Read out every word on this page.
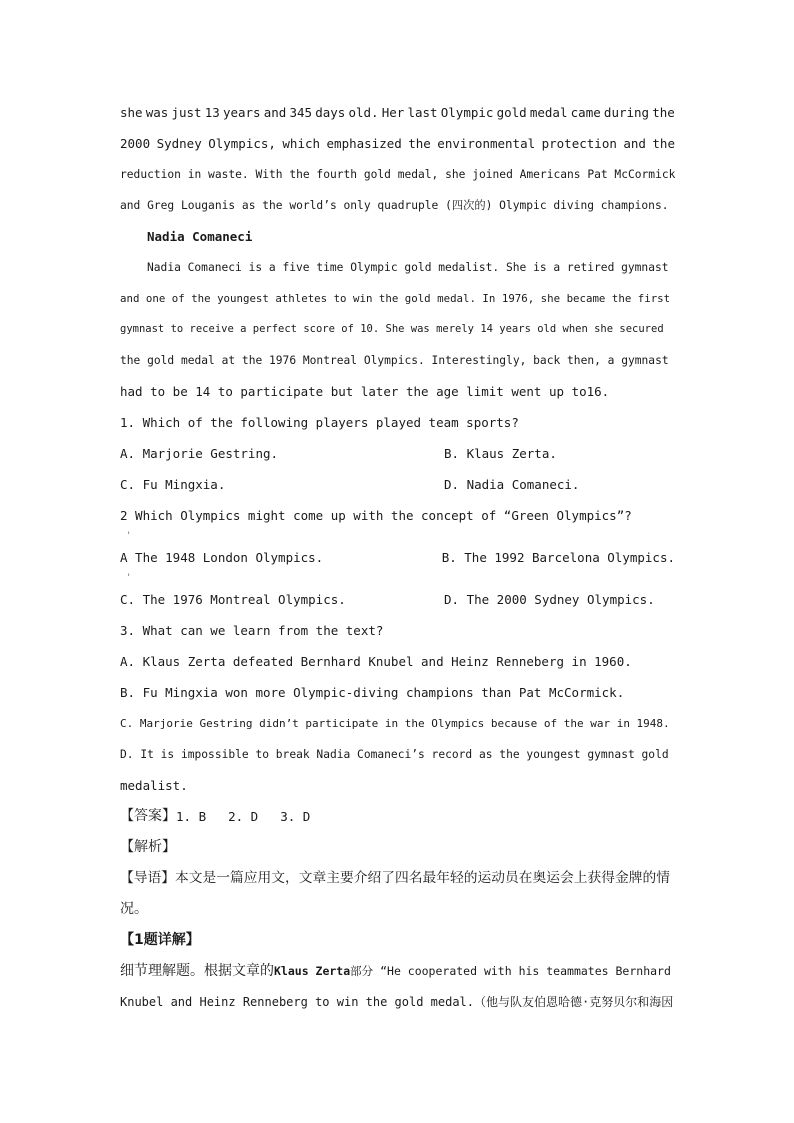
she was just 13 years and 345 days old. Her last Olympic gold medal came during the
2000 Sydney Olympics, which emphasized the environmental protection and the
reduction in waste. With the fourth gold medal, she joined Americans Pat McCormick
and Greg Louganis as the world’s only quadruple (四次的) Olympic diving champions.
Nadia Comaneci
Nadia Comaneci is a five time Olympic gold medalist. She is a retired gymnast
and one of the youngest athletes to win the gold medal. In 1976, she became the first
gymnast to receive a perfect score of 10. She was merely 14 years old when she secured
the gold medal at the 1976 Montreal Olympics. Interestingly, back then, a gymnast
had to be 14 to participate but later the age limit went up to16.
1. Which of the following players played team sports?
A. Marjorie Gestring.	B. Klaus Zerta.
C. Fu Mingxia.	D. Nadia Comaneci.
2 Which Olympics might come up with the concept of “Green Olympics”?
'
A The 1948 London Olympics.	B. The 1992 Barcelona Olympics.
'
C. The 1976 Montreal Olympics.	D. The 2000 Sydney Olympics.
3. What can we learn from the text?
A. Klaus Zerta defeated Bernhard Knubel and Heinz Renneberg in 1960.
B. Fu Mingxia won more Olympic-diving champions than Pat McCormick.
C. Marjorie Gestring didn’t participate in the Olympics because of the war in 1948.
D. It is impossible to break Nadia Comaneci’s record as the youngest gymnast gold
medalist.
【答案】 1. B 2. D 3. D
【解析】
【导语】本文是一篇应用文，文章主要介绍了四名最年轻的运动员在奥运会上获得金牌的情
况。
【1题详解】
细节理解题。根据文章的Klaus Zerta部分 “He cooperated with his teammates Bernhard
Knubel and Heinz Renneberg to win the gold medal.（他与队友伯恩哈德·克努贝尔和海因
